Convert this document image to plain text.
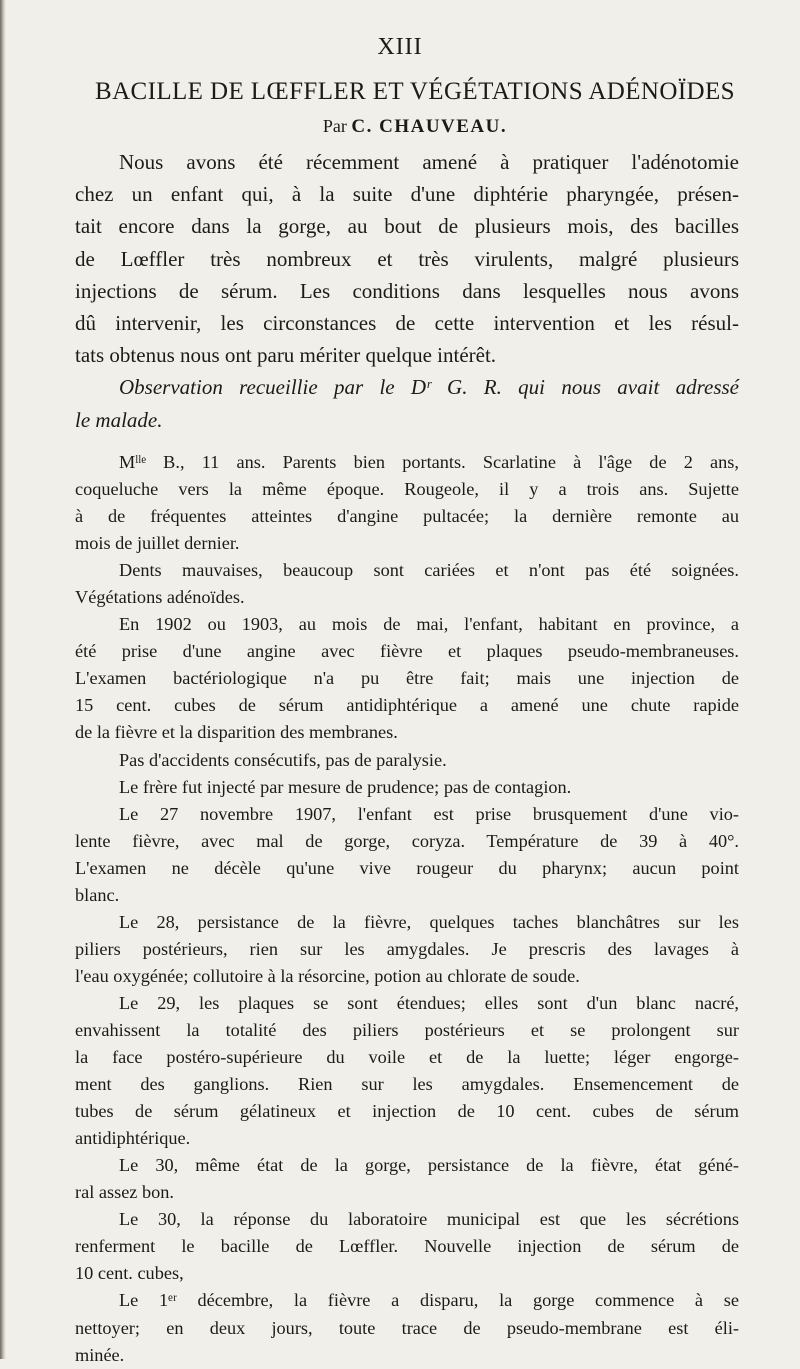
XIII
BACILLE DE LŒFFLER ET VÉGÉTATIONS ADÉNOÏDES
Par C. CHAUVEAU.

Nous avons été récemment amené à pratiquer l'adénotomie
chez un enfant qui, à la suite d'une diphtérie pharyngée, présen-
tait encore dans la gorge, au bout de plusieurs mois, des bacilles
de Lœffler très nombreux et très virulents, malgré plusieurs
injections de sérum. Les conditions dans lesquelles nous avons
dû intervenir, les circonstances de cette intervention et les résul-
tats obtenus nous ont paru mériter quelque intérêt.

Observation recueillie par le Dʳ G. R. qui nous avait adressé
le malade.

Mˡˡᵉ B., 11 ans. Parents bien portants. Scarlatine à l'âge de 2 ans,
coqueluche vers la même époque. Rougeole, il y a trois ans. Sujette
à de fréquentes atteintes d'angine pultacée; la dernière remonte au
mois de juillet dernier.

Dents mauvaises, beaucoup sont cariées et n'ont pas été soignées.
Végétations adénoïdes.

En 1902 ou 1903, au mois de mai, l'enfant, habitant en province, a
été prise d'une angine avec fièvre et plaques pseudo-membraneuses.
L'examen bactériologique n'a pu être fait; mais une injection de
15 cent. cubes de sérum antidiphtérique a amené une chute rapide
de la fièvre et la disparition des membranes.

Pas d'accidents consécutifs, pas de paralysie.

Le frère fut injecté par mesure de prudence; pas de contagion.

Le 27 novembre 1907, l'enfant est prise brusquement d'une vio-
lente fièvre, avec mal de gorge, coryza. Température de 39 à 40°.
L'examen ne décèle qu'une vive rougeur du pharynx; aucun point
blanc.

Le 28, persistance de la fièvre, quelques taches blanchâtres sur les
piliers postérieurs, rien sur les amygdales. Je prescris des lavages à
l'eau oxygénée; collutoire à la résorcine, potion au chlorate de soude.

Le 29, les plaques se sont étendues; elles sont d'un blanc nacré,
envahissent la totalité des piliers postérieurs et se prolongent sur
la face postéro-supérieure du voile et de la luette; léger engorge-
ment des ganglions. Rien sur les amygdales. Ensemencement de
tubes de sérum gélatineux et injection de 10 cent. cubes de sérum
antidiphtérique.

Le 30, même état de la gorge, persistance de la fièvre, état géné-
ral assez bon.

Le 30, la réponse du laboratoire municipal est que les sécrétions
renferment le bacille de Lœffler. Nouvelle injection de sérum de
10 cent. cubes,

Le 1ᵉʳ décembre, la fièvre a disparu, la gorge commence à se
nettoyer; en deux jours, toute trace de pseudo-membrane est éli-
minée.
